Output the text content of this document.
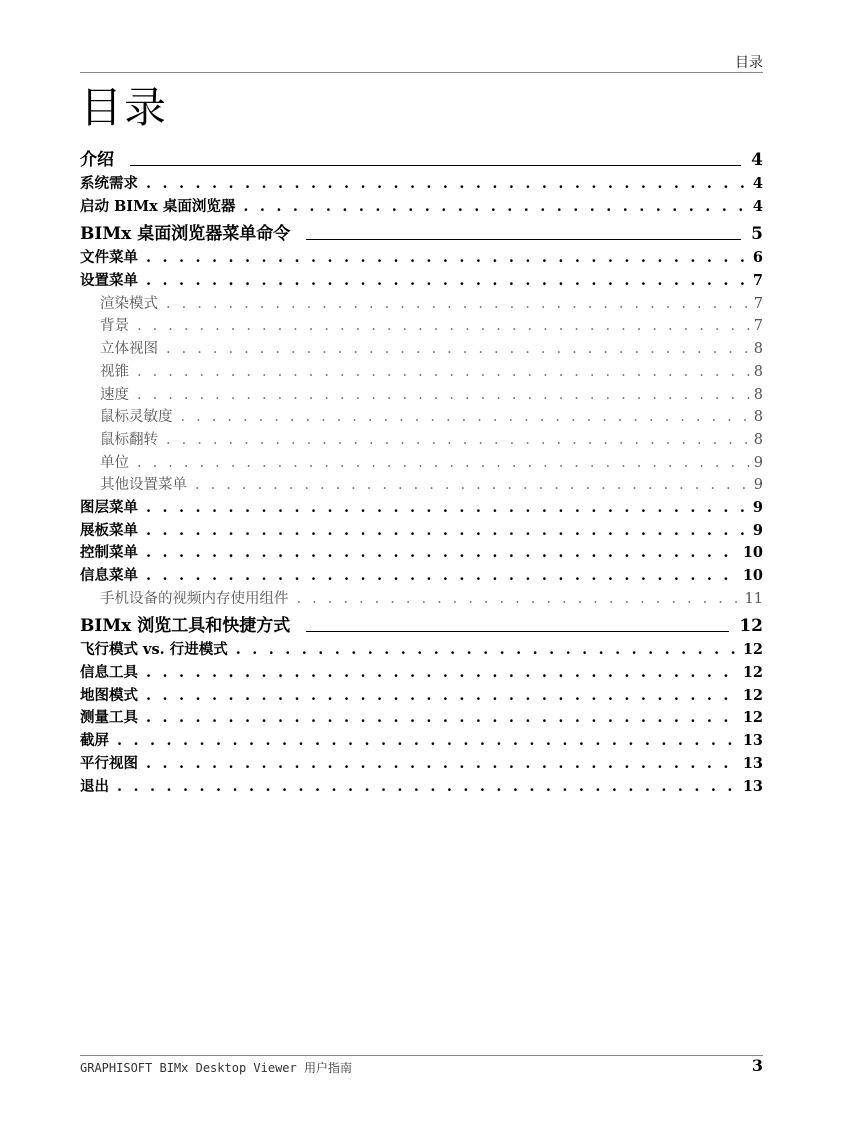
目录
目录
介绍	4
系统需求 . . .	4
启动 BIMx 桌面浏览器 . . .	4
BIMx 桌面浏览器菜单命令	5
文件菜单 . . .	6
设置菜单 . . .	7
渲染模式 . . .	7
背景 . . .	7
立体视图 . . .	8
视锥 . . .	8
速度 . . .	8
鼠标灵敏度 . . .	8
鼠标翻转 . . .	8
单位 . . .	9
其他设置菜单 . . .	9
图层菜单 . . .	9
展板菜单 . . .	9
控制菜单 . . .	10
信息菜单 . . .	10
手机设备的视频内存使用组件 . . .	11
BIMx 浏览工具和快捷方式	12
飞行模式 vs. 行进模式 . . .	12
信息工具 . . .	12
地图模式 . . .	12
测量工具 . . .	12
截屏 . . .	13
平行视图 . . .	13
退出 . . .	13
GRAPHISOFT BIMx Desktop Viewer 用户指南	3
